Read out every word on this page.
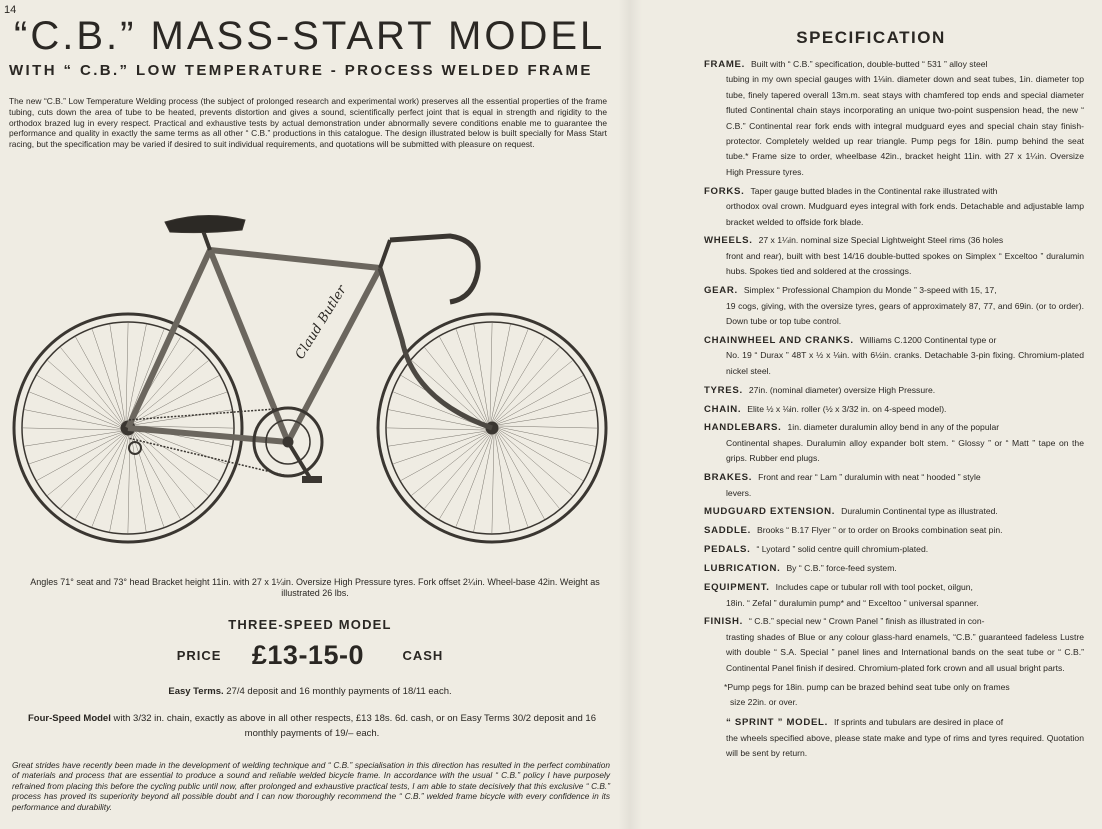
14
“C.B.” MASS-START MODEL
WITH “ C.B.” LOW TEMPERATURE - PROCESS WELDED FRAME
The new “C.B.” Low Temperature Welding process (the subject of prolonged research and experimental work) preserves all the essential properties of the frame tubing, cuts down the area of tube to be heated, prevents distortion and gives a sound, scientifically perfect joint that is equal in strength and rigidity to the orthodox brazed lug in every respect. Practical and exhaustive tests by actual demonstration under abnormally severe conditions enable me to guarantee the performance and quality in exactly the same terms as all other “ C.B.” productions in this catalogue. The design illustrated below is built specially for Mass Start racing, but the specification may be varied if desired to suit individual requirements, and quotations will be submitted with pleasure on request.
Claud Butler
Angles 71° seat and 73° head Bracket height 11in. with 27 x 1¼in. Oversize High Pressure tyres. Fork offset 2¼in. Wheel-base 42in. Weight as illustrated 26 lbs.
THREE-SPEED MODEL
PRICE £13-15-0	CASH
Easy Terms. 27/4 deposit and 16 monthly payments of 18/11 each.
Four-Speed Model with 3/32 in. chain, exactly as above in all other respects, £13 18s. 6d. cash, or on Easy Terms 30/2 deposit and 16 monthly payments of 19/– each.
Great strides have recently been made in the development of welding technique and “ C.B.” specialisation in this direction has resulted in the perfect combination of materials and process that are essential to produce a sound and reliable welded bicycle frame. In accordance with the usual “ C.B.” policy I have purposely refrained from placing this before the cycling public until now, after prolonged and exhaustive practical tests, I am able to state decisively that this exclusive “ C.B.” process has proved its superiority beyond all possible doubt and I can now thoroughly recommend the “ C.B.” welded frame bicycle with every confidence in its performance and durability.
SPECIFICATION
FRAME. Built with “ C.B.” specification, double-butted “ 531 ” alloy steel
tubing in my own special gauges with 1⅛in. diameter down and seat tubes, 1in. diameter top tube, finely tapered overall 13m.m. seat stays with chamfered top ends and special diameter fluted Continental chain stays incorporating an unique two-point suspension head, the new “ C.B.” Continental rear fork ends with integral mudguard eyes and special chain stay finish-protector. Completely welded up rear triangle. Pump pegs for 18in. pump behind the seat tube.* Frame size to order, wheelbase 42in., bracket height 11in. with 27 x 1¼in. Oversize High Pressure tyres.
FORKS. Taper gauge butted blades in the Continental rake illustrated with
orthodox oval crown. Mudguard eyes integral with fork ends. Detachable and adjustable lamp bracket welded to offside fork blade.
WHEELS. 27 x 1¼in. nominal size Special Lightweight Steel rims (36 holes
front and rear), built with best 14/16 double-butted spokes on Simplex “ Exceltoo ” duralumin hubs. Spokes tied and soldered at the crossings.
GEAR. Simplex “ Professional Champion du Monde ” 3-speed with 15, 17,
19 cogs, giving, with the oversize tyres, gears of approximately 87, 77, and 69in. (or to order). Down tube or top tube control.
CHAINWHEEL AND CRANKS. Williams C.1200 Continental type or
No. 19 “ Durax ” 48T x ½ x ⅛in. with 6½in. cranks. Detachable 3-pin fixing. Chromium-plated nickel steel.
TYRES. 27in. (nominal diameter) oversize High Pressure.
CHAIN. Elite ½ x ⅛in. roller (½ x 3/32 in. on 4-speed model).
HANDLEBARS. 1in. diameter duralumin alloy bend in any of the popular
Continental shapes. Duralumin alloy expander bolt stem. “ Glossy ” or “ Matt ” tape on the grips. Rubber end plugs.
BRAKES. Front and rear “ Lam ” duralumin with neat “ hooded ” style
levers.
MUDGUARD EXTENSION. Duralumin Continental type as illustrated.
SADDLE. Brooks “ B.17 Flyer ” or to order on Brooks combination seat pin.
PEDALS. “ Lyotard ” solid centre quill chromium-plated.
LUBRICATION. By “ C.B.” force-feed system.
EQUIPMENT. Includes cape or tubular roll with tool pocket, oilgun,
18in. “ Zefal ” duralumin pump* and “ Exceltoo ” universal spanner.
FINISH. “ C.B.” special new “ Crown Panel ” finish as illustrated in con-
trasting shades of Blue or any colour glass-hard enamels, “C.B.” guaranteed fadeless Lustre with double “ S.A. Special ” panel lines and International bands on the seat tube or “ C.B.” Continental Panel finish if desired. Chromium-plated fork crown and all usual bright parts.
*Pump pegs for 18in. pump can be brazed behind seat tube only on frames
size 22in. or over.
“ SPRINT ” MODEL. If sprints and tubulars are desired in place of
the wheels specified above, please state make and type of rims and tyres required. Quotation will be sent by return.
